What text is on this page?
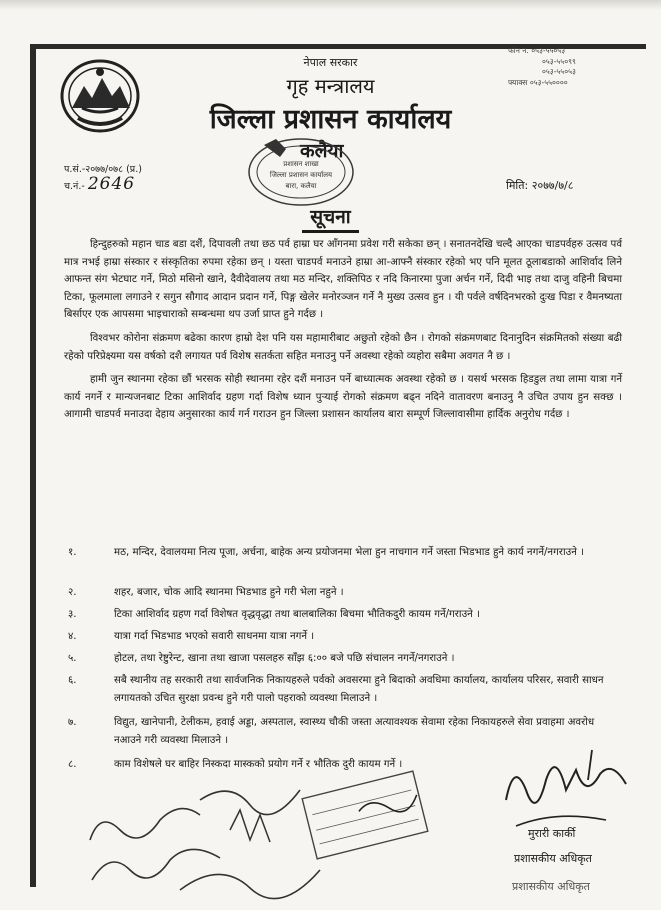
नेपाल सरकार
गृह मन्त्रालय
जिल्ला प्रशासन कार्यालय
कलैया
फोन नं. ०५३-५५०५३
०५३-५५०९९
०५३-५५०५३
फ्याक्स ०५३-५५००००
प्रशासन शाखा
जिल्ला प्रशासन कार्यालय
बारा, कलैया
प.सं.-२०७७/०७८ (प्र.)
च.नं.- 2646	मिति: २०७७/७/८
सूचना

हिन्दुहरुको महान चाड बडा दशैं, दिपावली तथा छठ पर्व हाम्रा घर आँगनमा प्रवेश गरी सकेका छन् । सनातनदेखि चल्दै आएका चाडपर्वहरु उत्सव पर्व मात्र नभई हाम्रा संस्कार र संस्कृतिका रुपमा रहेका छन् । यस्ता चाडपर्व मनाउने हाम्रा आ-आफ्नै संस्कार रहेको भए पनि मूलत ठूलाबडाको आशिर्वाद लिने आफन्त संग भेटघाट गर्ने, मिठो मसिनो खाने, दैवीदेवालय तथा मठ मन्दिर, शक्तिपिठ र नदि किनारमा पुजा अर्चन गर्ने, दिदी भाइ तथा दाजु वहिनी बिचमा टिका, फूलमाला लगाउने र सगुन सौगाद आदान प्रदान गर्ने, पिङ्ग खेलेर मनोरञ्जन गर्ने नै मुख्य उत्सव हुन । यी पर्वले वर्षदिनभरको दुःख पिडा र वैमनष्यता बिर्साएर एक आपसमा भाइचाराको सम्बन्धमा थप उर्जा प्राप्त हुने गर्दछ ।

विश्वभर कोरोना संक्रमण बढेका कारण हाम्रो देश पनि यस महामारीबाट अछुतो रहेको छैन । रोगको संक्रमणबाट दिनानुदिन संक्रमितको संख्या बढी रहेको परिप्रेक्ष्यमा यस वर्षको दशै लगायत पर्व विशेष सतर्कता सहित मनाउनु पर्ने अवस्था रहेको व्यहोरा सबैमा अवगत नै छ ।

हामी जुन स्थानमा रहेका छौं भरसक सोही स्थानमा रहेर दशैं मनाउन पर्ने बाध्यात्मक अवस्था रहेको छ । यसर्थ भरसक हिडडुल तथा लामा यात्रा गर्ने कार्य नगर्ने र मान्यजनबाट टिका आशिर्वाद ग्रहण गर्दा विशेष ध्यान पुऱ्याई रोगको संक्रमण बढ्न नदिने वातावरण बनाउनु नै उचित उपाय हुन सक्छ । आगामी चाडपर्व मनाउदा देहाय अनुसारका कार्य गर्न गराउन हुन जिल्ला प्रशासन कार्यालय बारा सम्पूर्ण जिल्लावासीमा हार्दिक अनुरोध गर्दछ ।

१.	मठ, मन्दिर, देवालयमा नित्य पूजा, अर्चना, बाहेक अन्य प्रयोजनमा भेला हुन नाचगान गर्ने जस्ता भिडभाड हुने कार्य नगर्ने/नगराउने ।
२.	शहर, बजार, चोक आदि स्थानमा भिडभाड हुने गरी भेला नहुने ।
३.	टिका आशिर्वाद ग्रहण गर्दा विशेषत वृद्धवृद्धा तथा बालबालिका बिचमा भौतिकदुरी कायम गर्ने/गराउने ।
४.	यात्रा गर्दा भिडभाड भएको सवारी साधनमा यात्रा नगर्ने ।
५.	होटल, तथा रेष्टुरेन्ट, खाना तथा खाजा पसलहरु साँझ ६:०० बजे पछि संचालन नगर्ने/नगराउने ।
६.	सबै स्थानीय तह सरकारी तथा सार्वजनिक निकायहरुले पर्वको अवसरमा हुने बिदाको अवधिमा कार्यालय, कार्यालय परिसर, सवारी साधन लगायतको उचित सुरक्षा प्रवन्ध हुने गरी पालो पहराको व्यवस्था मिलाउने ।
७.	विद्युत, खानेपानी, टेलीकम, हवाई अड्डा, अस्पताल, स्वास्थ्य चौकी जस्ता अत्यावश्यक सेवामा रहेका निकायहरुले सेवा प्रवाहमा अवरोध नआउने गरी व्यवस्था मिलाउने ।
८.	काम विशेषले घर बाहिर निस्कदा मास्कको प्रयोग गर्ने र भौतिक दुरी कायम गर्ने ।
मुरारी कार्की
प्रशासकीय अधिकृत
प्रशासकीय अधिकृत
